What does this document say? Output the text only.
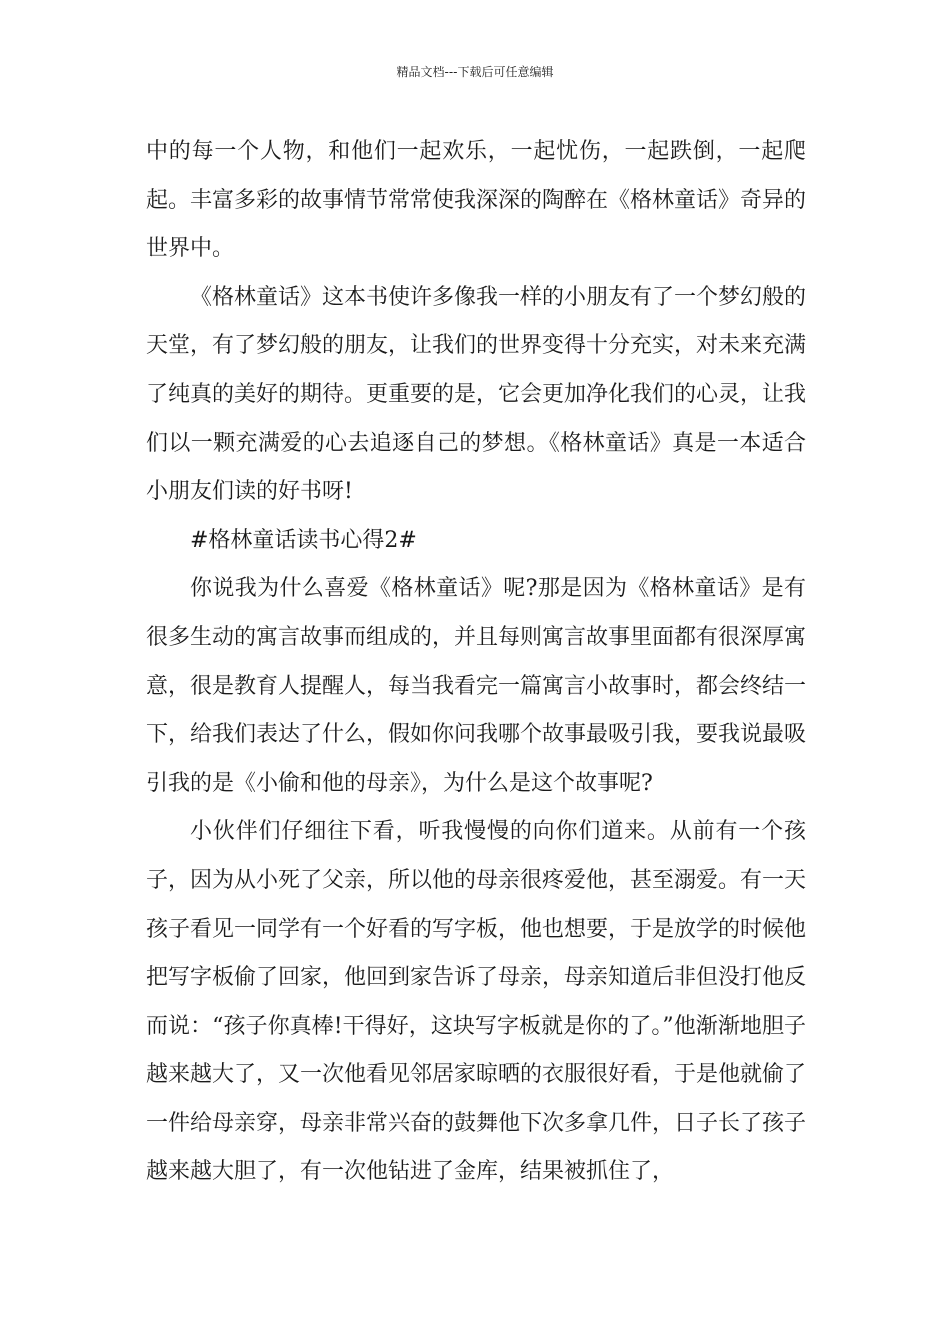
精品文档---下载后可任意编辑

中的每一个人物，和他们一起欢乐，一起忧伤，一起跌倒，一起爬起。丰富多彩的故事情节常常使我深深的陶醉在《格林童话》奇异的世界中。

《格林童话》这本书使许多像我一样的小朋友有了一个梦幻般的天堂，有了梦幻般的朋友，让我们的世界变得十分充实，对未来充满了纯真的美好的期待。更重要的是，它会更加净化我们的心灵，让我们以一颗充满爱的心去追逐自己的梦想。《格林童话》真是一本适合小朋友们读的好书呀!

#格林童话读书心得2#

你说我为什么喜爱《格林童话》呢?那是因为《格林童话》是有很多生动的寓言故事而组成的，并且每则寓言故事里面都有很深厚寓意，很是教育人提醒人，每当我看完一篇寓言小故事时，都会终结一下，给我们表达了什么，假如你问我哪个故事最吸引我，要我说最吸引我的是《小偷和他的母亲》，为什么是这个故事呢?

小伙伴们仔细往下看，听我慢慢的向你们道来。从前有一个孩子，因为从小死了父亲，所以他的母亲很疼爱他，甚至溺爱。有一天孩子看见一同学有一个好看的写字板，他也想要，于是放学的时候他把写字板偷了回家，他回到家告诉了母亲，母亲知道后非但没打他反而说：“孩子你真棒!干得好，这块写字板就是你的了。”他渐渐地胆子越来越大了，又一次他看见邻居家晾晒的衣服很好看，于是他就偷了一件给母亲穿，母亲非常兴奋的鼓舞他下次多拿几件，日子长了孩子越来越大胆了，有一次他钻进了金库，结果被抓住了，
